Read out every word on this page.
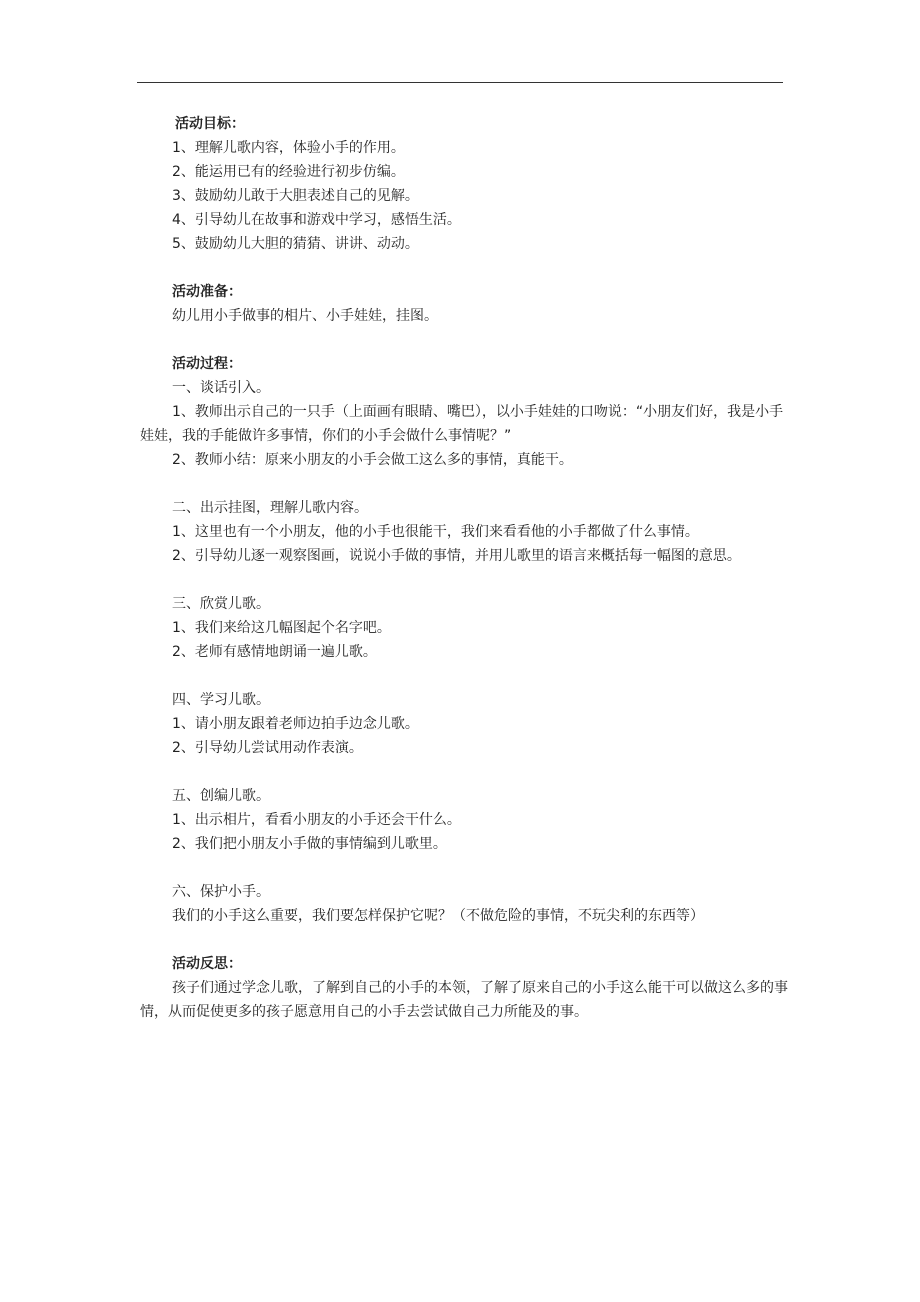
活动目标：

1、理解儿歌内容，体验小手的作用。

2、能运用已有的经验进行初步仿编。

3、鼓励幼儿敢于大胆表述自己的见解。

4、引导幼儿在故事和游戏中学习，感悟生活。

5、鼓励幼儿大胆的猜猜、讲讲、动动。

活动准备：

幼儿用小手做事的相片、小手娃娃，挂图。

活动过程：

一、谈话引入。

1、教师出示自己的一只手（上面画有眼睛、嘴巴），以小手娃娃的口吻说：“小朋友们好，我是小手娃娃，我的手能做许多事情，你们的小手会做什么事情呢？”

2、教师小结：原来小朋友的小手会做工这么多的事情，真能干。

二、出示挂图，理解儿歌内容。

1、这里也有一个小朋友，他的小手也很能干，我们来看看他的小手都做了什么事情。

2、引导幼儿逐一观察图画，说说小手做的事情，并用儿歌里的语言来概括每一幅图的意思。

三、欣赏儿歌。

1、我们来给这几幅图起个名字吧。

2、老师有感情地朗诵一遍儿歌。

四、学习儿歌。

1、请小朋友跟着老师边拍手边念儿歌。

2、引导幼儿尝试用动作表演。

五、创编儿歌。

1、出示相片，看看小朋友的小手还会干什么。

2、我们把小朋友小手做的事情编到儿歌里。

六、保护小手。

我们的小手这么重要，我们要怎样保护它呢？（不做危险的事情，不玩尖利的东西等）

活动反思：

孩子们通过学念儿歌，了解到自己的小手的本领，了解了原来自己的小手这么能干可以做这么多的事情，从而促使更多的孩子愿意用自己的小手去尝试做自己力所能及的事。
